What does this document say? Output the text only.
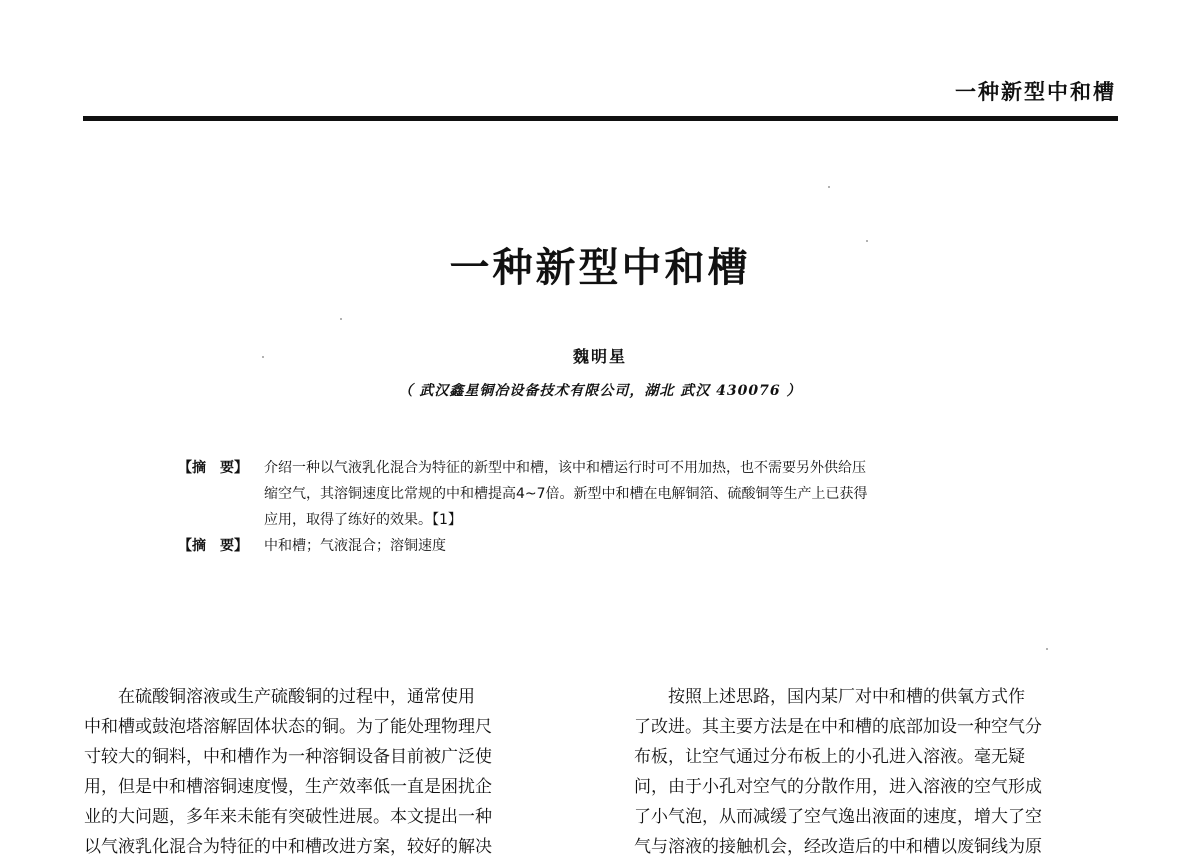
一种新型中和槽
一种新型中和槽
魏明星
（ 武汉鑫星铜冶设备技术有限公司，湖北 武汉 430076 ）
【摘　要】	介绍一种以气液乳化混合为特征的新型中和槽，该中和槽运行时可不用加热，也不需要另外供给压
缩空气，其溶铜速度比常规的中和槽提高4~7倍。新型中和槽在电解铜箔、硫酸铜等生产上已获得
应用，取得了练好的效果。【1】
【摘　要】	中和槽；气液混合；溶铜速度
　　在硫酸铜溶液或生产硫酸铜的过程中，通常使用
中和槽或鼓泡塔溶解固体状态的铜。为了能处理物理尺
寸较大的铜料，中和槽作为一种溶铜设备目前被广泛使
用，但是中和槽溶铜速度慢，生产效率低一直是困扰企
业的大问题，多年来未能有突破性进展。本文提出一种
以气液乳化混合为特征的中和槽改进方案，较好的解决
　　按照上述思路，国内某厂对中和槽的供氧方式作
了改进。其主要方法是在中和槽的底部加设一种空气分
布板，让空气通过分布板上的小孔进入溶液。毫无疑
问，由于小孔对空气的分散作用，进入溶液的空气形成
了小气泡，从而减缓了空气逸出液面的速度，增大了空
气与溶液的接触机会，经改造后的中和槽以废铜线为原
